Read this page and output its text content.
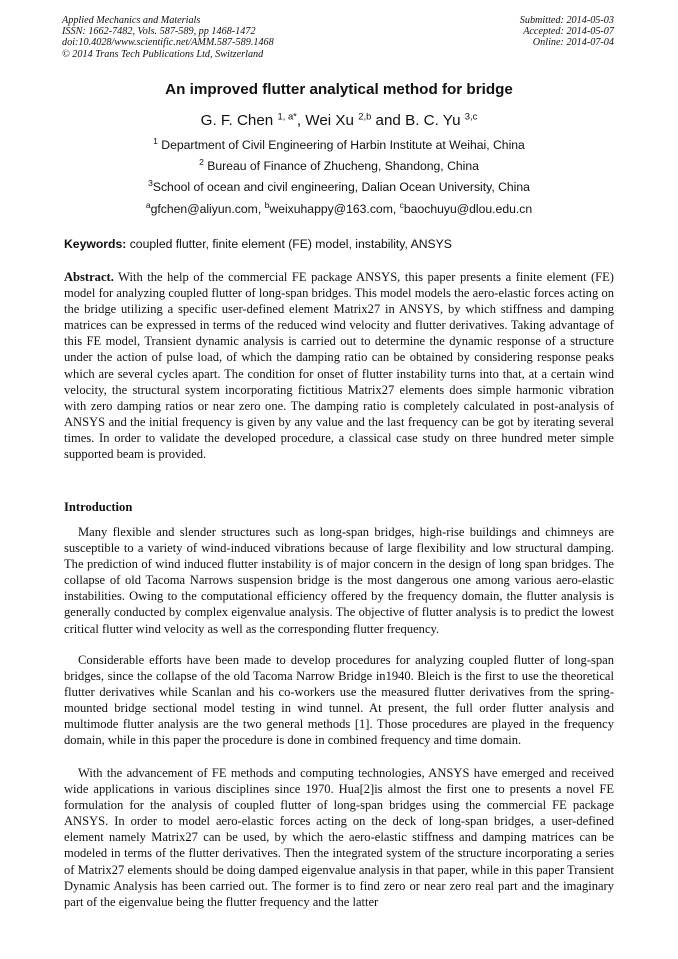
Applied Mechanics and Materials
ISSN: 1662-7482, Vols. 587-589, pp 1468-1472
doi:10.4028/www.scientific.net/AMM.587-589.1468
© 2014 Trans Tech Publications Ltd, Switzerland
Submitted: 2014-05-03
Accepted: 2014-05-07
Online: 2014-07-04
An improved flutter analytical method for bridge
G. F. Chen $^{1, a*}$, Wei Xu $^{2,b}$ and B. C. Yu $^{3,c}$
$^1$ Department of Civil Engineering of Harbin Institute at Weihai, China
$^2$ Bureau of Finance of Zhucheng, Shandong, China
$^3$School of ocean and civil engineering, Dalian Ocean University, China
$^a$gfchen@aliyun.com, $^b$weixuhappy@163.com, $^c$baochuyu@dlou.edu.cn
Keywords: coupled flutter, finite element (FE) model, instability, ANSYS
Abstract. With the help of the commercial FE package ANSYS, this paper presents a finite element (FE) model for analyzing coupled flutter of long-span bridges. This model models the aero-elastic forces acting on the bridge utilizing a specific user-defined element Matrix27 in ANSYS, by which stiffness and damping matrices can be expressed in terms of the reduced wind velocity and flutter derivatives. Taking advantage of this FE model, Transient dynamic analysis is carried out to determine the dynamic response of a structure under the action of pulse load, of which the damping ratio can be obtained by considering response peaks which are several cycles apart. The condition for onset of flutter instability turns into that, at a certain wind velocity, the structural system incorporating fictitious Matrix27 elements does simple harmonic vibration with zero damping ratios or near zero one. The damping ratio is completely calculated in post-analysis of ANSYS and the initial frequency is given by any value and the last frequency can be got by iterating several times. In order to validate the developed procedure, a classical case study on three hundred meter simple supported beam is provided.
Introduction
Many flexible and slender structures such as long-span bridges, high-rise buildings and chimneys are susceptible to a variety of wind-induced vibrations because of large flexibility and low structural damping. The prediction of wind induced flutter instability is of major concern in the design of long span bridges. The collapse of old Tacoma Narrows suspension bridge is the most dangerous one among various aero-elastic instabilities. Owing to the computational efficiency offered by the frequency domain, the flutter analysis is generally conducted by complex eigenvalue analysis. The objective of flutter analysis is to predict the lowest critical flutter wind velocity as well as the corresponding flutter frequency.
Considerable efforts have been made to develop procedures for analyzing coupled flutter of long-span bridges, since the collapse of the old Tacoma Narrow Bridge in1940. Bleich is the first to use the theoretical flutter derivatives while Scanlan and his co-workers use the measured flutter derivatives from the spring-mounted bridge sectional model testing in wind tunnel. At present, the full order flutter analysis and multimode flutter analysis are the two general methods [1]. Those procedures are played in the frequency domain, while in this paper the procedure is done in combined frequency and time domain.
With the advancement of FE methods and computing technologies, ANSYS have emerged and received wide applications in various disciplines since 1970. Hua[2]is almost the first one to presents a novel FE formulation for the analysis of coupled flutter of long-span bridges using the commercial FE package ANSYS. In order to model aero-elastic forces acting on the deck of long-span bridges, a user-defined element namely Matrix27 can be used, by which the aero-elastic stiffness and damping matrices can be modeled in terms of the flutter derivatives. Then the integrated system of the structure incorporating a series of Matrix27 elements should be doing damped eigenvalue analysis in that paper, while in this paper Transient Dynamic Analysis has been carried out. The former is to find zero or near zero real part and the imaginary part of the eigenvalue being the flutter frequency and the latter
